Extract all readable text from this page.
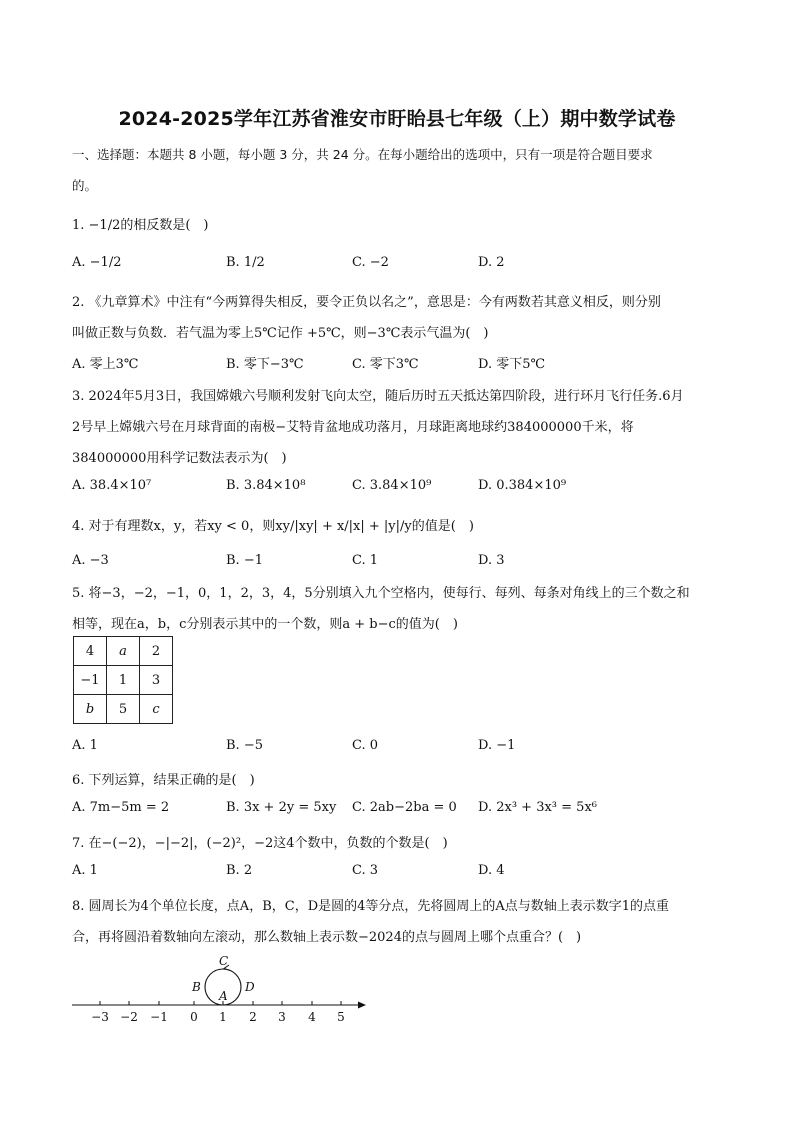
2024-2025学年江苏省淮安市盱眙县七年级（上）期中数学试卷
一、选择题：本题共 8 小题，每小题 3 分，共 24 分。在每小题给出的选项中，只有一项是符合题目要求
的。
1. −1/2的相反数是(　)
A. −1/2	B. 1/2	C. −2	D. 2
2. 《九章算术》中注有“今两算得失相反，要令正负以名之”，意思是：今有两数若其意义相反，则分别
叫做正数与负数．若气温为零上5℃记作 +5℃，则−3℃表示气温为(　)
A. 零上3℃	B. 零下−3℃	C. 零下3℃	D. 零下5℃
3. 2024年5月3日，我国嫦娥六号顺利发射飞向太空，随后历时五天抵达第四阶段，进行环月飞行任务.6月
2号早上嫦娥六号在月球背面的南极−艾特肯盆地成功落月，月球距离地球约384000000千米，将
384000000用科学记数法表示为(　)
A. 38.4×10⁷	B. 3.84×10⁸	C. 3.84×10⁹	D. 0.384×10⁹
4. 对于有理数x，y，若xy < 0，则xy/|xy| + x/|x| + |y|/y的值是(　)
A. −3	B. −1	C. 1	D. 3
5. 将−3，−2，−1，0，1，2，3，4，5分别填入九个空格内，使每行、每列、每条对角线上的三个数之和
相等，现在a，b，c分别表示其中的一个数，则a + b−c的值为(　)
4	a	2
−1	1	3
b	5	c
A. 1	B. −5	C. 0	D. −1
6. 下列运算，结果正确的是(　)
A. 7m−5m = 2	B. 3x + 2y = 5xy C. 2ab−2ba = 0 D. 2x³ + 3x³ = 5x⁶
7. 在−(−2)，−|−2|，(−2)²，−2这4个数中，负数的个数是(　)
A. 1	B. 2	C. 3	D. 4
8. 圆周长为4个单位长度，点A，B，C，D是圆的4等分点，先将圆周上的A点与数轴上表示数字1的点重
合，再将圆沿着数轴向左滚动，那么数轴上表示数−2024的点与圆周上哪个点重合？(　)
−3 −2 −1 0 1 2 3 4 5
C
B	D
A
